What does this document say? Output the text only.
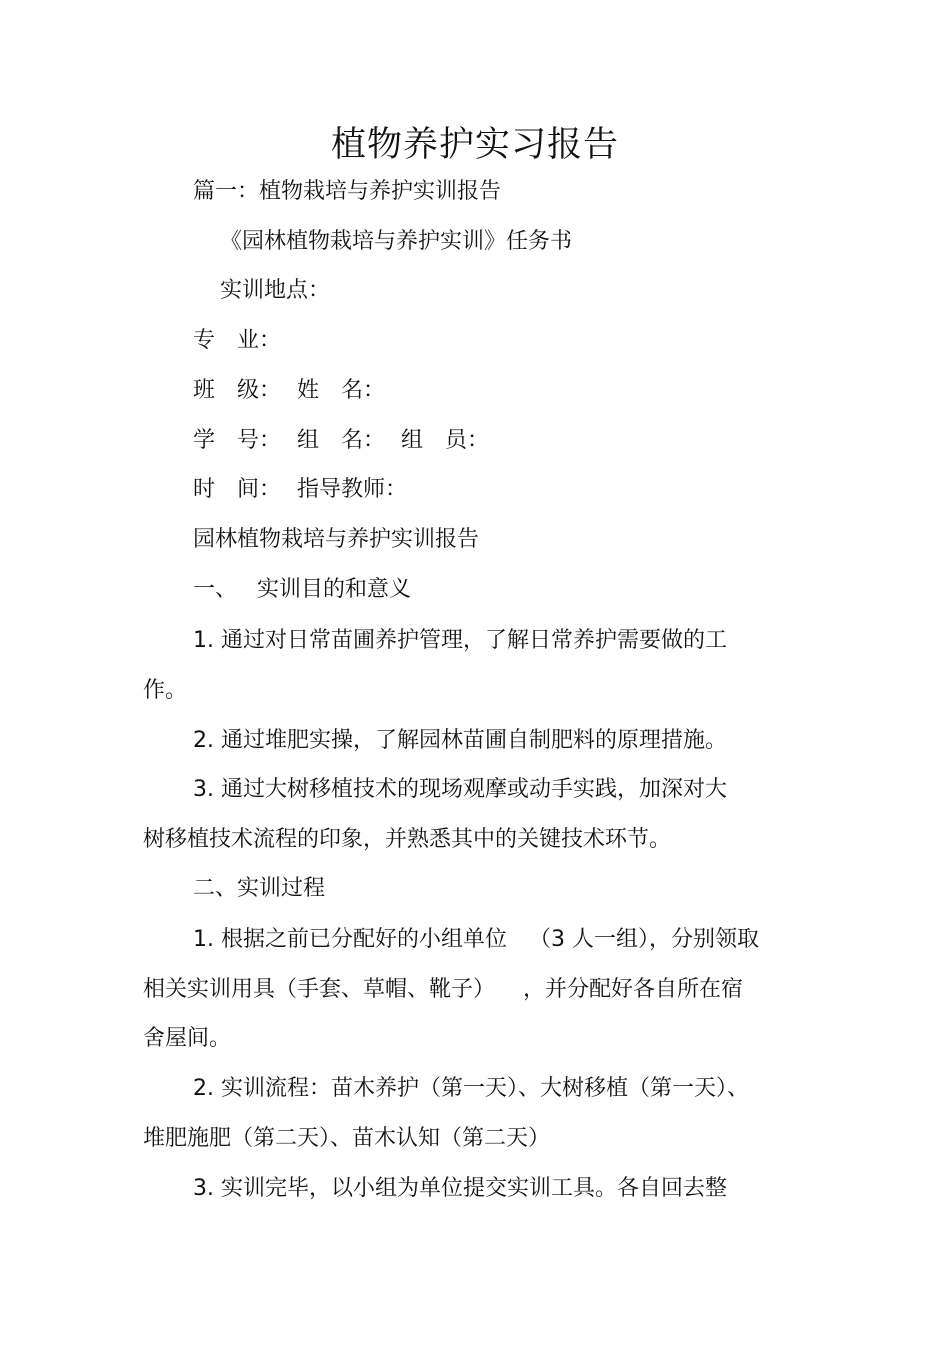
植物养护实习报告
篇一：植物栽培与养护实训报告
《园林植物栽培与养护实训》任务书
实训地点：
专　业：
班　级： 姓　名：
学　号： 组　名： 组　员：
时　间： 指导教师：
园林植物栽培与养护实训报告
一、 实训目的和意义
1. 通过对日常苗圃养护管理，了解日常养护需要做的工
作。
2. 通过堆肥实操，了解园林苗圃自制肥料的原理措施。
3. 通过大树移植技术的现场观摩或动手实践，加深对大
树移植技术流程的印象，并熟悉其中的关键技术环节。
二、实训过程
1. 根据之前已分配好的小组单位 （3 人一组），分别领取
相关实训用具（手套、草帽、靴子） ，并分配好各自所在宿
舍屋间。
2. 实训流程：苗木养护（第一天）、大树移植（第一天）、
堆肥施肥（第二天）、苗木认知（第二天）
3. 实训完毕，以小组为单位提交实训工具。各自回去整
